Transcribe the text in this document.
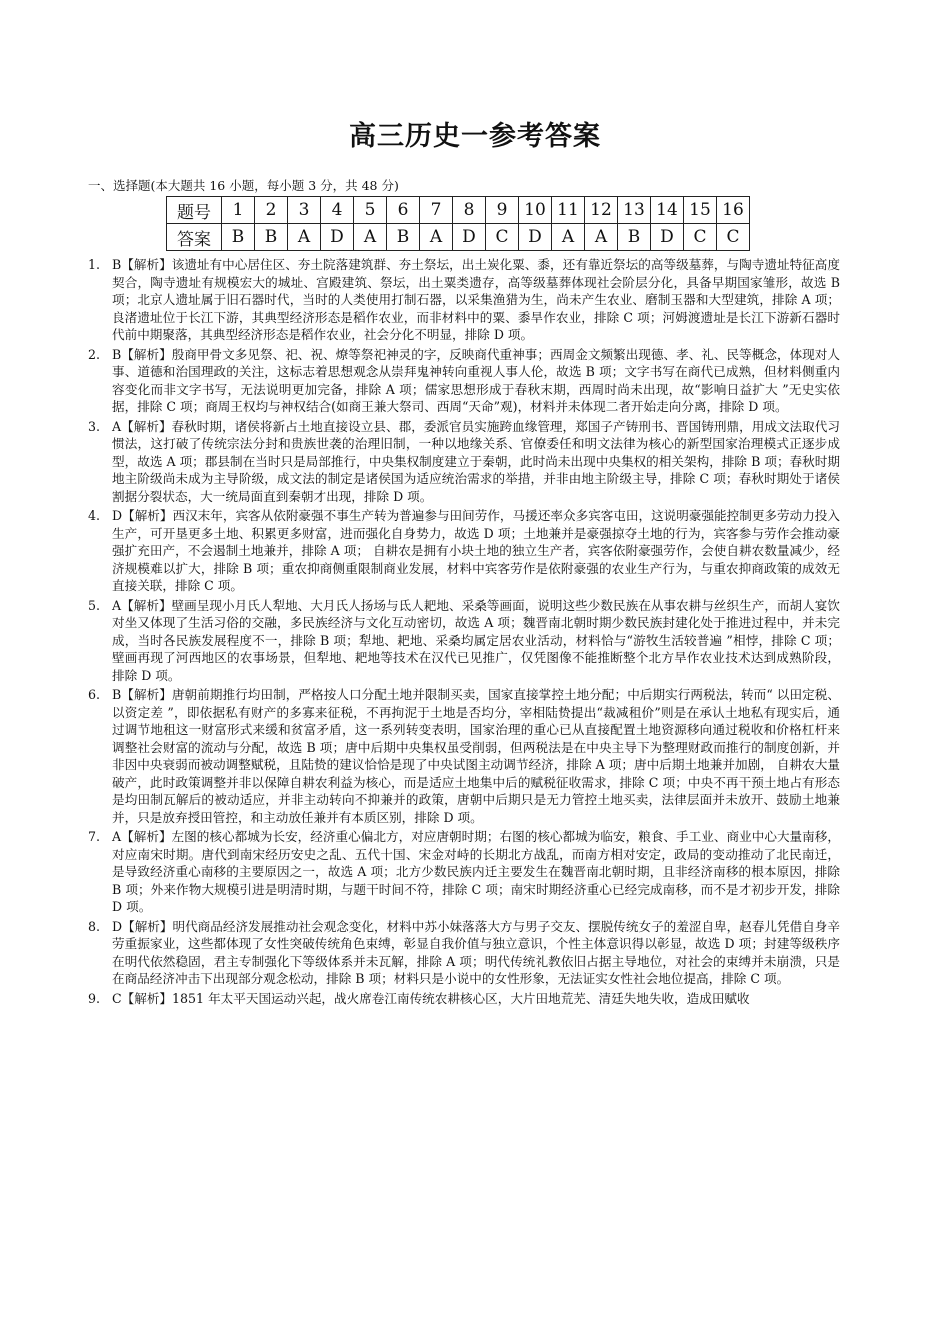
高三历史一参考答案
一、选择题(本大题共 16 小题，每小题 3 分，共 48 分)
题号	1	2	3	4	5	6	7	8	9	10	11	12	13	14	15	16
答案	B	B	A	D	A	B	A	D	C	D	A	A	B	D	C	C
1. B【解析】该遗址有中心居住区、夯土院落建筑群、夯土祭坛，出土炭化粟、黍，还有靠近祭坛的高等级墓葬，与陶寺遗址特征高度契合，陶寺遗址有规模宏大的城址、宫殿建筑、祭坛，出土粟类遗存，高等级墓葬体现社会阶层分化，具备早期国家雏形，故选 B 项；北京人遗址属于旧石器时代，当时的人类使用打制石器，以采集渔猎为生，尚未产生农业、磨制玉器和大型建筑，排除 A 项；良渚遗址位于长江下游，其典型经济形态是稻作农业，而非材料中的粟、黍旱作农业，排除 C 项；河姆渡遗址是长江下游新石器时代前中期聚落，其典型经济形态是稻作农业，社会分化不明显，排除 D 项。
2. B【解析】殷商甲骨文多见祭、祀、祝、燎等祭祀神灵的字，反映商代重神事；西周金文频繁出现德、孝、礼、民等概念，体现对人事、道德和治国理政的关注，这标志着思想观念从崇拜鬼神转向重视人事人伦，故选 B 项；文字书写在商代已成熟，但材料侧重内容变化而非文字书写，无法说明更加完备，排除 A 项；儒家思想形成于春秋末期，西周时尚未出现，故“影响日益扩大 ”无史实依据，排除 C 项；商周王权均与神权结合(如商王兼大祭司、西周“天命”观)，材料并未体现二者开始走向分离，排除 D 项。
3. A【解析】春秋时期，诸侯将新占土地直接设立县、郡，委派官员实施跨血缘管理，郑国子产铸刑书、晋国铸刑鼎，用成文法取代习惯法，这打破了传统宗法分封和贵族世袭的治理旧制，一种以地缘关系、官僚委任和明文法律为核心的新型国家治理模式正逐步成型，故选 A 项；郡县制在当时只是局部推行，中央集权制度建立于秦朝，此时尚未出现中央集权的相关架构，排除 B 项；春秋时期地主阶级尚未成为主导阶级，成文法的制定是诸侯国为适应统治需求的举措，并非由地主阶级主导，排除 C 项；春秋时期处于诸侯割据分裂状态，大一统局面直到秦朝才出现，排除 D 项。
4. D【解析】西汉末年，宾客从依附豪强不事生产转为普遍参与田间劳作，马援还率众多宾客屯田，这说明豪强能控制更多劳动力投入生产，可开垦更多土地、积累更多财富，进而强化自身势力，故选 D 项；土地兼并是豪强掠夺土地的行为，宾客参与劳作会推动豪强扩充田产，不会遏制土地兼并，排除 A 项； 自耕农是拥有小块土地的独立生产者，宾客依附豪强劳作，会使自耕农数量减少，经济规模难以扩大，排除 B 项；重农抑商侧重限制商业发展，材料中宾客劳作是依附豪强的农业生产行为，与重农抑商政策的成效无直接关联，排除 C 项。
5. A【解析】壁画呈现小月氏人犁地、大月氏人扬场与氐人耙地、采桑等画面，说明这些少数民族在从事农耕与丝织生产，而胡人宴饮对坐又体现了生活习俗的交融，多民族经济与文化互动密切，故选 A 项；魏晋南北朝时期少数民族封建化处于推进过程中，并未完成，当时各民族发展程度不一，排除 B 项；犁地、耙地、采桑均属定居农业活动，材料恰与“游牧生活较普遍 ”相悖，排除 C 项；壁画再现了河西地区的农事场景，但犁地、耙地等技术在汉代已见推广，仅凭图像不能推断整个北方旱作农业技术达到成熟阶段，排除 D 项。
6. B【解析】唐朝前期推行均田制，严格按人口分配土地并限制买卖，国家直接掌控土地分配；中后期实行两税法，转而“ 以田定税、以资定差 ”，即依据私有财产的多寡来征税，不再拘泥于土地是否均分，宰相陆贽提出“裁减租价”则是在承认土地私有现实后，通过调节地租这一财富形式来缓和贫富矛盾，这一系列转变表明，国家治理的重心已从直接配置土地资源移向通过税收和价格杠杆来调整社会财富的流动与分配，故选 B 项；唐中后期中央集权虽受削弱，但两税法是在中央主导下为整理财政而推行的制度创新，并非因中央衰弱而被动调整赋税，且陆贽的建议恰恰是现了中央试图主动调节经济，排除 A 项；唐中后期土地兼并加剧， 自耕农大量破产，此时政策调整并非以保障自耕农利益为核心，而是适应土地集中后的赋税征收需求，排除 C 项；中央不再干预土地占有形态是均田制瓦解后的被动适应，并非主动转向不抑兼并的政策，唐朝中后期只是无力管控土地买卖，法律层面并未放开、鼓励土地兼并，只是放弃授田管控，和主动放任兼并有本质区别，排除 D 项。
7. A【解析】左图的核心都城为长安，经济重心偏北方，对应唐朝时期；右图的核心都城为临安，粮食、手工业、商业中心大量南移，对应南宋时期。唐代到南宋经历安史之乱、五代十国、宋金对峙的长期北方战乱，而南方相对安定，政局的变动推动了北民南迁，是导致经济重心南移的主要原因之一，故选 A 项；北方少数民族内迁主要发生在魏晋南北朝时期，且非经济南移的根本原因，排除 B 项；外来作物大规模引进是明清时期，与题干时间不符，排除 C 项；南宋时期经济重心已经完成南移，而不是才初步开发，排除 D 项。
8. D【解析】明代商品经济发展推动社会观念变化，材料中苏小妹落落大方与男子交友、摆脱传统女子的羞涩自卑，赵春儿凭借自身辛劳重振家业，这些都体现了女性突破传统角色束缚，彰显自我价值与独立意识，个性主体意识得以彰显，故选 D 项；封建等级秩序在明代依然稳固，君主专制强化下等级体系并未瓦解，排除 A 项；明代传统礼教依旧占据主导地位，对社会的束缚并未崩溃，只是在商品经济冲击下出现部分观念松动，排除 B 项；材料只是小说中的女性形象，无法证实女性社会地位提高，排除 C 项。
9. C【解析】1851 年太平天国运动兴起，战火席卷江南传统农耕核心区，大片田地荒芜、清廷失地失收，造成田赋收
